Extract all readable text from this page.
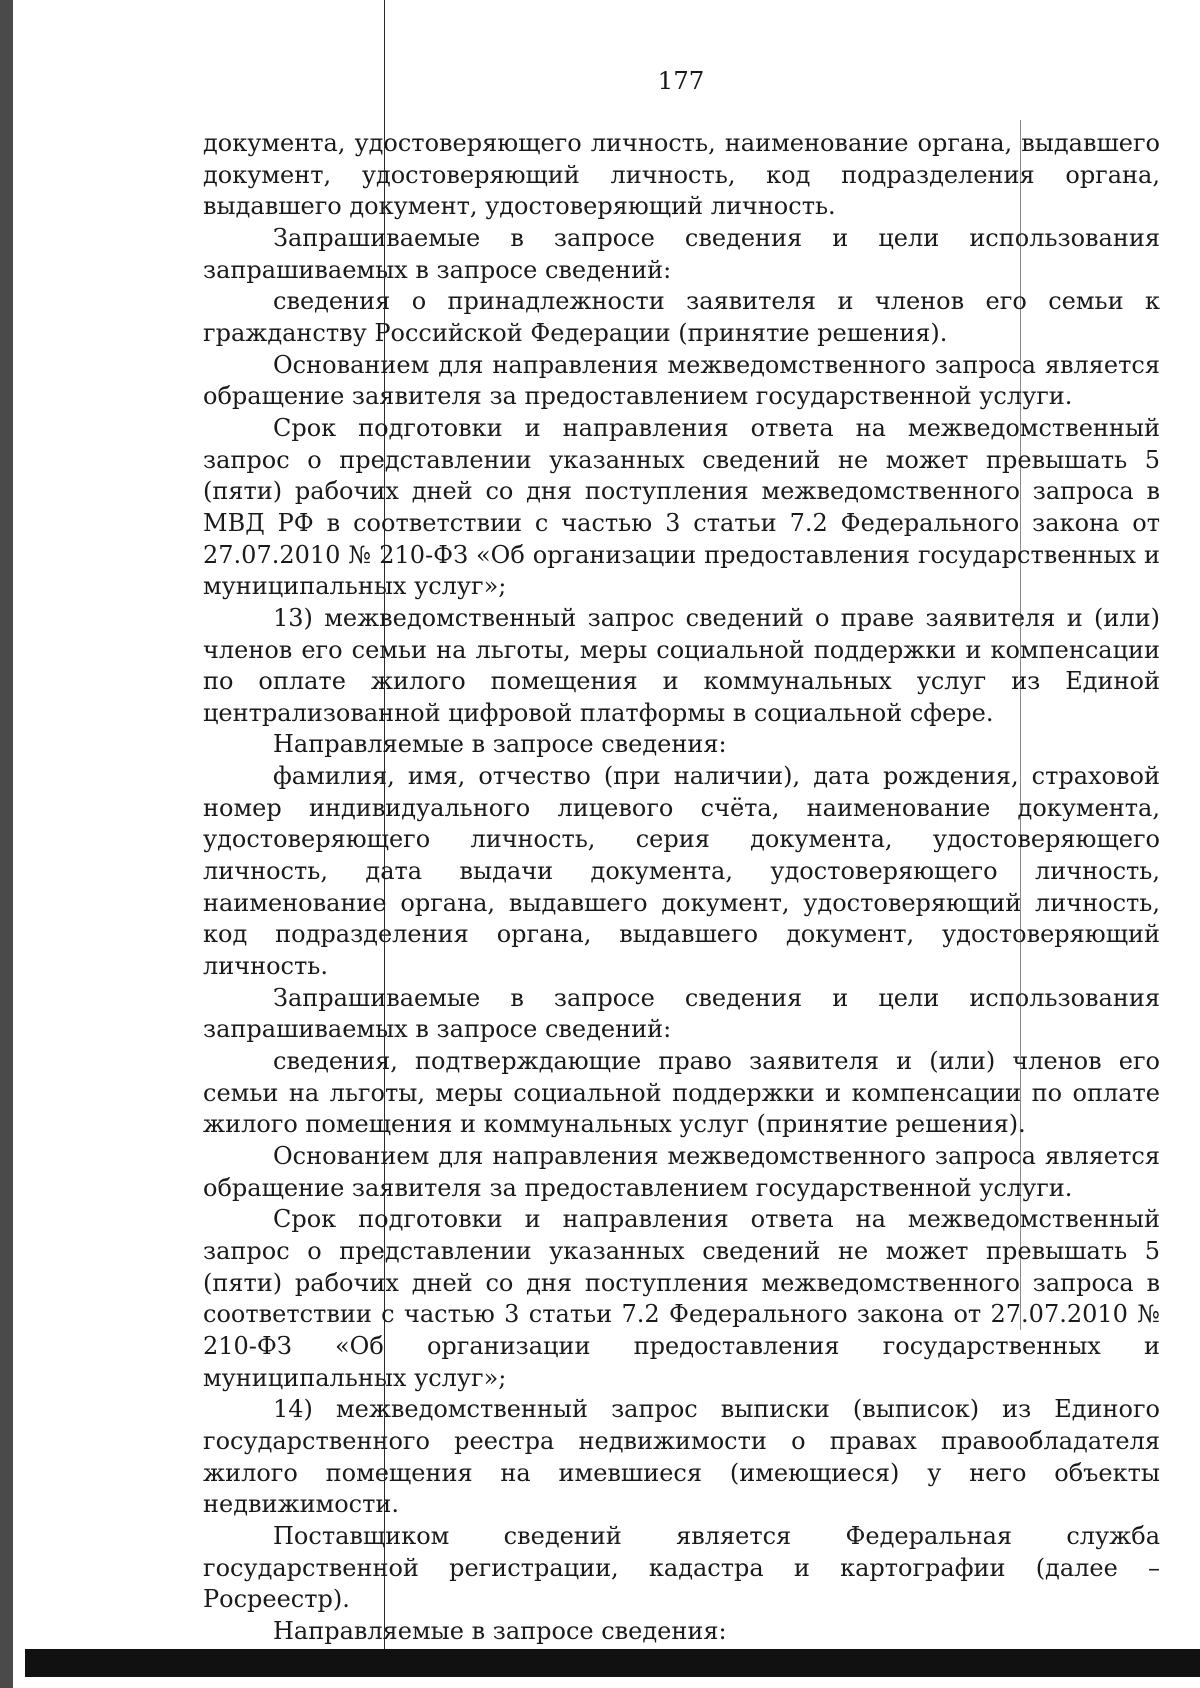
177

документа, удостоверяющего личность, наименование органа, выдавшего документ, удостоверяющий личность, код подразделения органа, выдавшего документ, удостоверяющий личность.

Запрашиваемые в запросе сведения и цели использования запрашиваемых в запросе сведений:

сведения о принадлежности заявителя и членов его семьи к гражданству Российской Федерации (принятие решения).

Основанием для направления межведомственного запроса является обращение заявителя за предоставлением государственной услуги.

Срок подготовки и направления ответа на межведомственный запрос о представлении указанных сведений не может превышать 5 (пяти) рабочих дней со дня поступления межведомственного запроса в МВД РФ в соответствии с частью 3 статьи 7.2 Федерального закона от 27.07.2010 № 210-ФЗ «Об организации предоставления государственных и муниципальных услуг»;

13) межведомственный запрос сведений о праве заявителя и (или) членов его семьи на льготы, меры социальной поддержки и компенсации по оплате жилого помещения и коммунальных услуг из Единой централизованной цифровой платформы в социальной сфере.

Направляемые в запросе сведения:

фамилия, имя, отчество (при наличии), дата рождения, страховой номер индивидуального лицевого счёта, наименование документа, удостоверяющего личность, серия документа, удостоверяющего личность, дата выдачи документа, удостоверяющего личность, наименование органа, выдавшего документ, удостоверяющий личность, код подразделения органа, выдавшего документ, удостоверяющий личность.

Запрашиваемые в запросе сведения и цели использования запрашиваемых в запросе сведений:

сведения, подтверждающие право заявителя и (или) членов его семьи на льготы, меры социальной поддержки и компенсации по оплате жилого помещения и коммунальных услуг (принятие решения).

Основанием для направления межведомственного запроса является обращение заявителя за предоставлением государственной услуги.

Срок подготовки и направления ответа на межведомственный запрос о представлении указанных сведений не может превышать 5 (пяти) рабочих дней со дня поступления межведомственного запроса в соответствии с частью 3 статьи 7.2 Федерального закона от 27.07.2010 № 210-ФЗ «Об организации предоставления государственных и муниципальных услуг»;

14) межведомственный запрос выписки (выписок) из Единого государственного реестра недвижимости о правах правообладателя жилого помещения на имевшиеся (имеющиеся) у него объекты недвижимости.

Поставщиком сведений является Федеральная служба государственной регистрации, кадастра и картографии (далее – Росреестр).

Направляемые в запросе сведения:
